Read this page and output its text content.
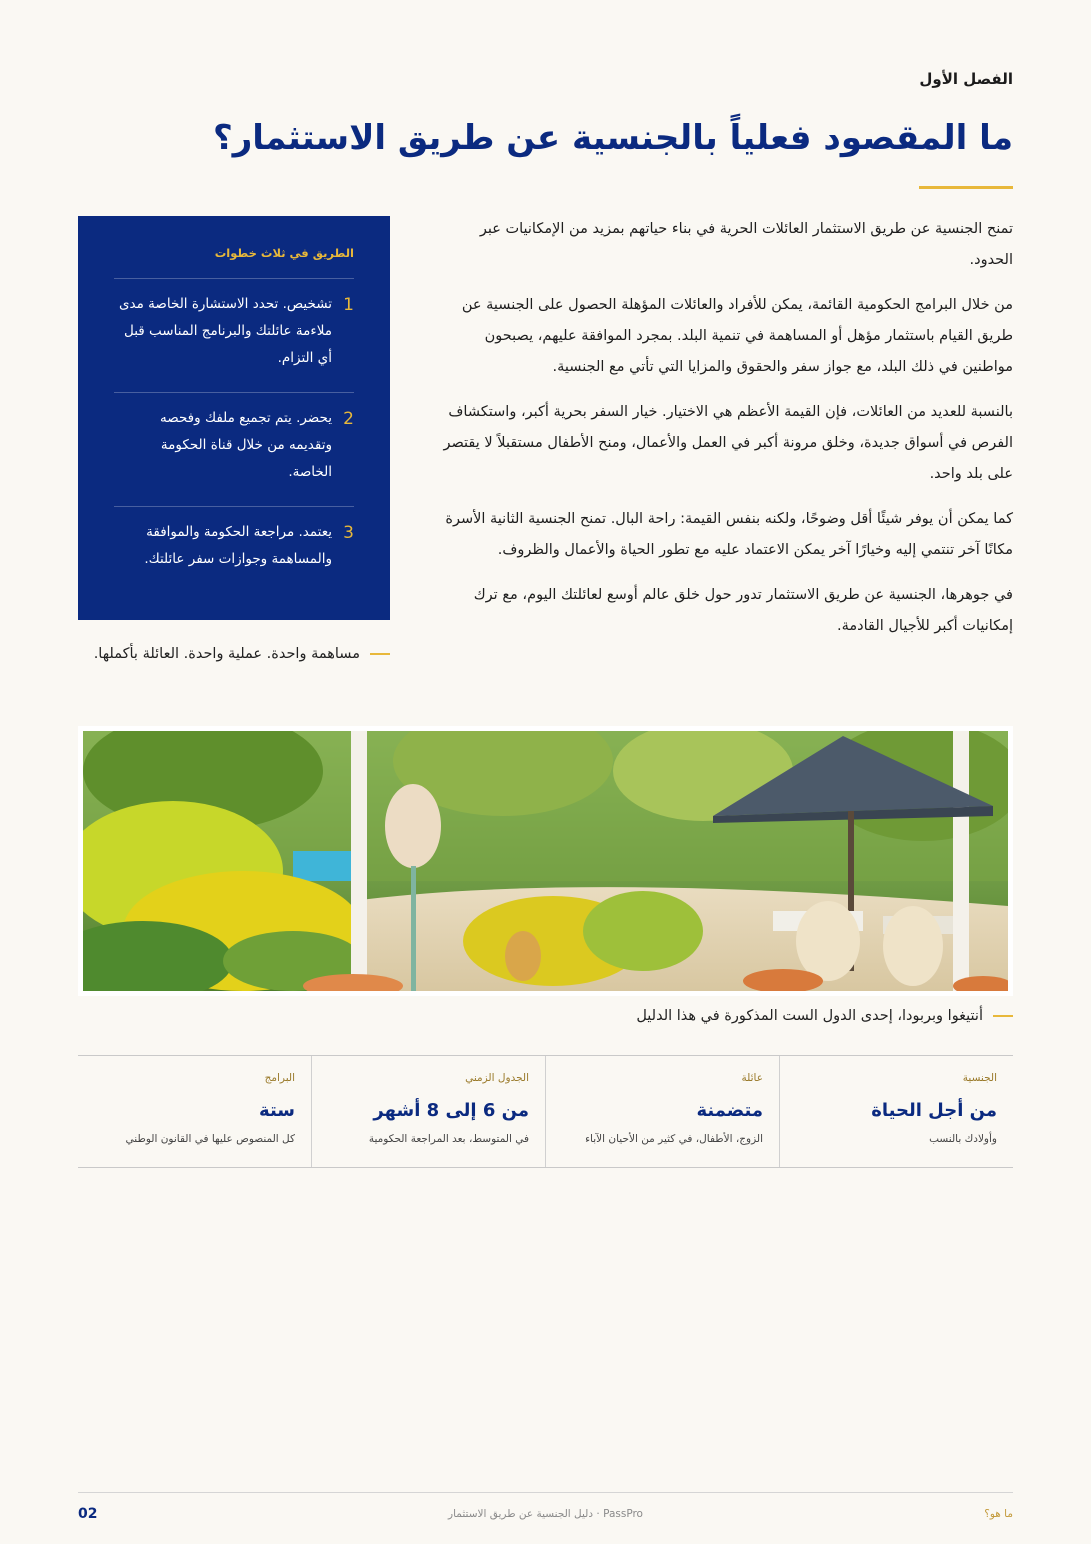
الفصل الأول
ما المقصود فعلياً بالجنسية عن طريق الاستثمار؟

تمنح الجنسية عن طريق الاستثمار العائلات الحرية في بناء حياتهم بمزيد من الإمكانيات عبر الحدود.

من خلال البرامج الحكومية القائمة، يمكن للأفراد والعائلات المؤهلة الحصول على الجنسية عن طريق القيام باستثمار مؤهل أو المساهمة في تنمية البلد. بمجرد الموافقة عليهم، يصبحون مواطنين في ذلك البلد، مع جواز سفر والحقوق والمزايا التي تأتي مع الجنسية.

بالنسبة للعديد من العائلات، فإن القيمة الأعظم هي الاختيار. خيار السفر بحرية أكبر، واستكشاف الفرص في أسواق جديدة، وخلق مرونة أكبر في العمل والأعمال، ومنح الأطفال مستقبلاً لا يقتصر على بلد واحد.

كما يمكن أن يوفر شيئًا أقل وضوحًا، ولكنه بنفس القيمة: راحة البال. تمنح الجنسية الثانية الأسرة مكانًا آخر تنتمي إليه وخيارًا آخر يمكن الاعتماد عليه مع تطور الحياة والأعمال والظروف.

في جوهرها، الجنسية عن طريق الاستثمار تدور حول خلق عالم أوسع لعائلتك اليوم، مع ترك إمكانيات أكبر للأجيال القادمة.

الطريق في ثلاث خطوات
1
تشخيص. تحدد الاستشارة الخاصة مدى ملاءمة عائلتك والبرنامج المناسب قبل أي التزام.
2
يحضر. يتم تجميع ملفك وفحصه وتقديمه من خلال قناة الحكومة الخاصة.
3
يعتمد. مراجعة الحكومة والموافقة والمساهمة وجوازات سفر عائلتك.
مساهمة واحدة. عملية واحدة. العائلة بأكملها.
أنتيغوا وبربودا، إحدى الدول الست المذكورة في هذا الدليل
الجنسية
من أجل الحياة
وأولادك بالنسب
عائلة
متضمنة
الزوج، الأطفال، في كثير من الأحيان الآباء
الجدول الزمني
من 6 إلى 8 أشهر
في المتوسط، بعد المراجعة الحكومية
البرامج
ستة
كل المنصوص عليها في القانون الوطني
02	PassPro · دليل الجنسية عن طريق الاستثمار	ما هو؟
